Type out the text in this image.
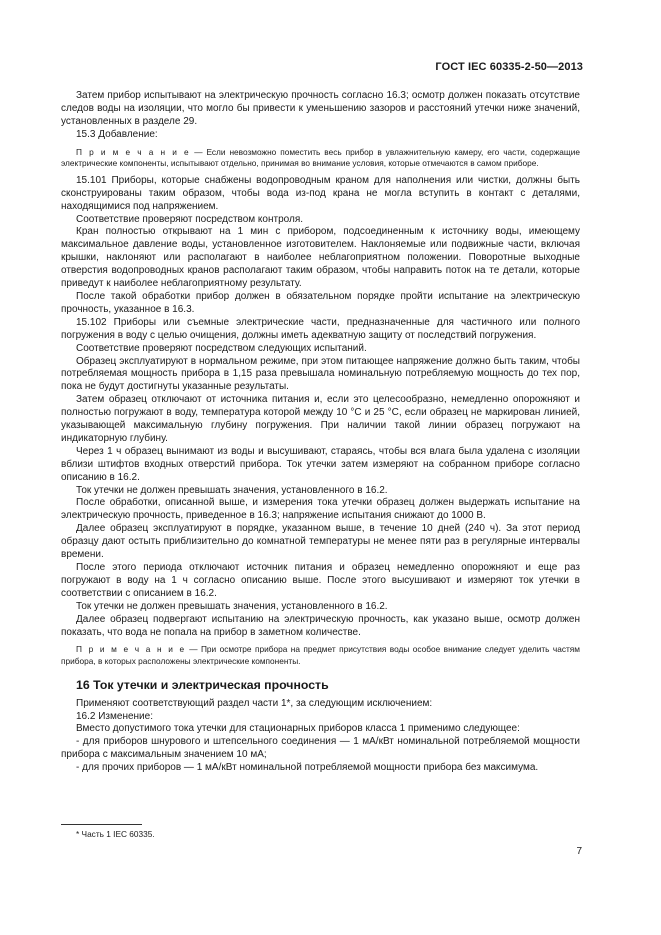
ГОСТ IEC 60335-2-50—2013

Затем прибор испытывают на электрическую прочность согласно 16.3; осмотр должен показать отсутствие следов воды на изоляции, что могло бы привести к уменьшению зазоров и расстояний утечки ниже значений, установленных в разделе 29.

15.3 Добавление:

П р и м е ч а н и е — Если невозможно поместить весь прибор в увлажнительную камеру, его части, содержащие электрические компоненты, испытывают отдельно, принимая во внимание условия, которые отмечаются в самом приборе.

15.101 Приборы, которые снабжены водопроводным краном для наполнения или чистки, должны быть сконструированы таким образом, чтобы вода из-под крана не могла вступить в контакт с деталями, находящимися под напряжением.

Соответствие проверяют посредством контроля.

Кран полностью открывают на 1 мин с прибором, подсоединенным к источнику воды, имеющему максимальное давление воды, установленное изготовителем. Наклоняемые или подвижные части, включая крышки, наклоняют или располагают в наиболее неблагоприятном положении. Поворотные выходные отверстия водопроводных кранов располагают таким образом, чтобы направить поток на те детали, которые приведут к наиболее неблагоприятному результату.

После такой обработки прибор должен в обязательном порядке пройти испытание на электрическую прочность, указанное в 16.3.

15.102 Приборы или съемные электрические части, предназначенные для частичного или полного погружения в воду с целью очищения, должны иметь адекватную защиту от последствий погружения.

Соответствие проверяют посредством следующих испытаний.

Образец эксплуатируют в нормальном режиме, при этом питающее напряжение должно быть таким, чтобы потребляемая мощность прибора в 1,15 раза превышала номинальную потребляемую мощность до тех пор, пока не будут достигнуты указанные результаты.

Затем образец отключают от источника питания и, если это целесообразно, немедленно опорожняют и полностью погружают в воду, температура которой между 10 °С и 25 °С, если образец не маркирован линией, указывающей максимальную глубину погружения. При наличии такой линии образец погружают на индикаторную глубину.

Через 1 ч образец вынимают из воды и высушивают, стараясь, чтобы вся влага была удалена с изоляции вблизи штифтов входных отверстий прибора. Ток утечки затем измеряют на собранном приборе согласно описанию в 16.2.

Ток утечки не должен превышать значения, установленного в 16.2.

После обработки, описанной выше, и измерения тока утечки образец должен выдержать испытание на электрическую прочность, приведенное в 16.3; напряжение испытания снижают до 1000 В.

Далее образец эксплуатируют в порядке, указанном выше, в течение 10 дней (240 ч). За этот период образцу дают остыть приблизительно до комнатной температуры не менее пяти раз в регулярные интервалы времени.

После этого периода отключают источник питания и образец немедленно опорожняют и еще раз погружают в воду на 1 ч согласно описанию выше. После этого высушивают и измеряют ток утечки в соответствии с описанием в 16.2.

Ток утечки не должен превышать значения, установленного в 16.2.

Далее образец подвергают испытанию на электрическую прочность, как указано выше, осмотр должен показать, что вода не попала на прибор в заметном количестве.

П р и м е ч а н и е — При осмотре прибора на предмет присутствия воды особое внимание следует уделить частям прибора, в которых расположены электрические компоненты.

16 Ток утечки и электрическая прочность

Применяют соответствующий раздел части 1*, за следующим исключением:

16.2 Изменение:

Вместо допустимого тока утечки для стационарных приборов класса 1 применимо следующее:

- для приборов шнурового и штепсельного соединения — 1 мА/кВт номинальной потребляемой мощности прибора с максимальным значением 10 мА;

- для прочих приборов — 1 мА/кВт номинальной потребляемой мощности прибора без максимума.

* Часть 1 IEC 60335.
7
